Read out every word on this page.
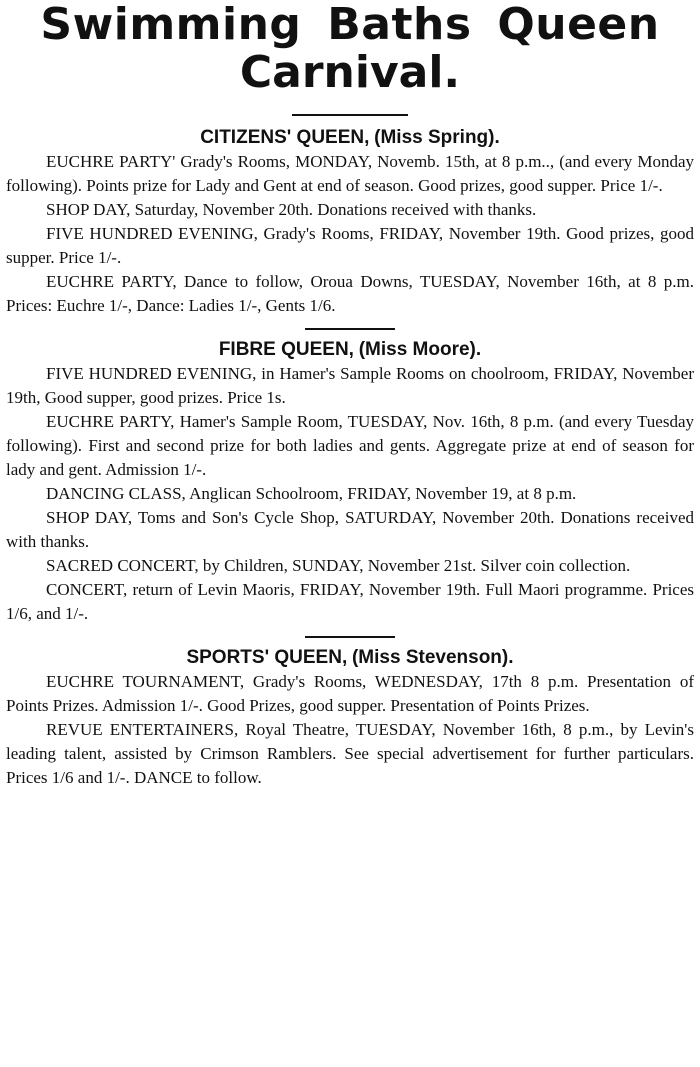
Swimming Baths Queen
Carnival.

CITIZENS' QUEEN, (Miss Spring).

EUCHRE PARTY' Grady's Rooms, MONDAY, Novemb. 15th, at 8 p.m.., (and every Monday following). Points prize for Lady and Gent at end of season. Good prizes, good supper. Price 1/-.

SHOP DAY, Saturday, November 20th. Donations received with thanks.

FIVE HUNDRED EVENING, Grady's Rooms, FRIDAY, November 19th. Good prizes, good supper. Price 1/-.

EUCHRE PARTY, Dance to follow, Oroua Downs, TUESDAY, November 16th, at 8 p.m. Prices: Euchre 1/-, Dance: Ladies 1/-, Gents 1/6.

FIBRE QUEEN, (Miss Moore).

FIVE HUNDRED EVENING, in Hamer's Sample Rooms on choolroom, FRIDAY, November 19th, Good supper, good prizes. Price 1s.

EUCHRE PARTY, Hamer's Sample Room, TUESDAY, Nov. 16th, 8 p.m. (and every Tuesday following). First and second prize for both ladies and gents. Aggregate prize at end of season for lady and gent. Admission 1/-.

DANCING CLASS, Anglican Schoolroom, FRIDAY, November 19, at 8 p.m.

SHOP DAY, Toms and Son's Cycle Shop, SATURDAY, November 20th. Donations received with thanks.

SACRED CONCERT, by Children, SUNDAY, November 21st. Silver coin collection.

CONCERT, return of Levin Maoris, FRIDAY, November 19th. Full Maori programme. Prices 1/6, and 1/-.

SPORTS' QUEEN, (Miss Stevenson).

EUCHRE TOURNAMENT, Grady's Rooms, WEDNESDAY, 17th 8 p.m. Presentation of Points Prizes. Admission 1/-. Good Prizes, good supper. Presentation of Points Prizes.

REVUE ENTERTAINERS, Royal Theatre, TUESDAY, November 16th, 8 p.m., by Levin's leading talent, assisted by Crimson Ramblers. See special advertisement for further particulars. Prices 1/6 and 1/-. DANCE to follow.
